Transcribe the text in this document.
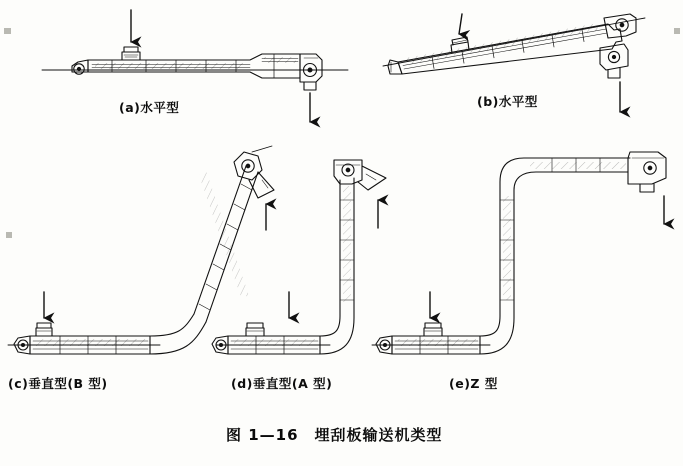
(a)水平型	(b)水平型
(c)垂直型(B 型)	(d)垂直型(A 型)	(e)Z 型
图 1—16 埋刮板输送机类型
